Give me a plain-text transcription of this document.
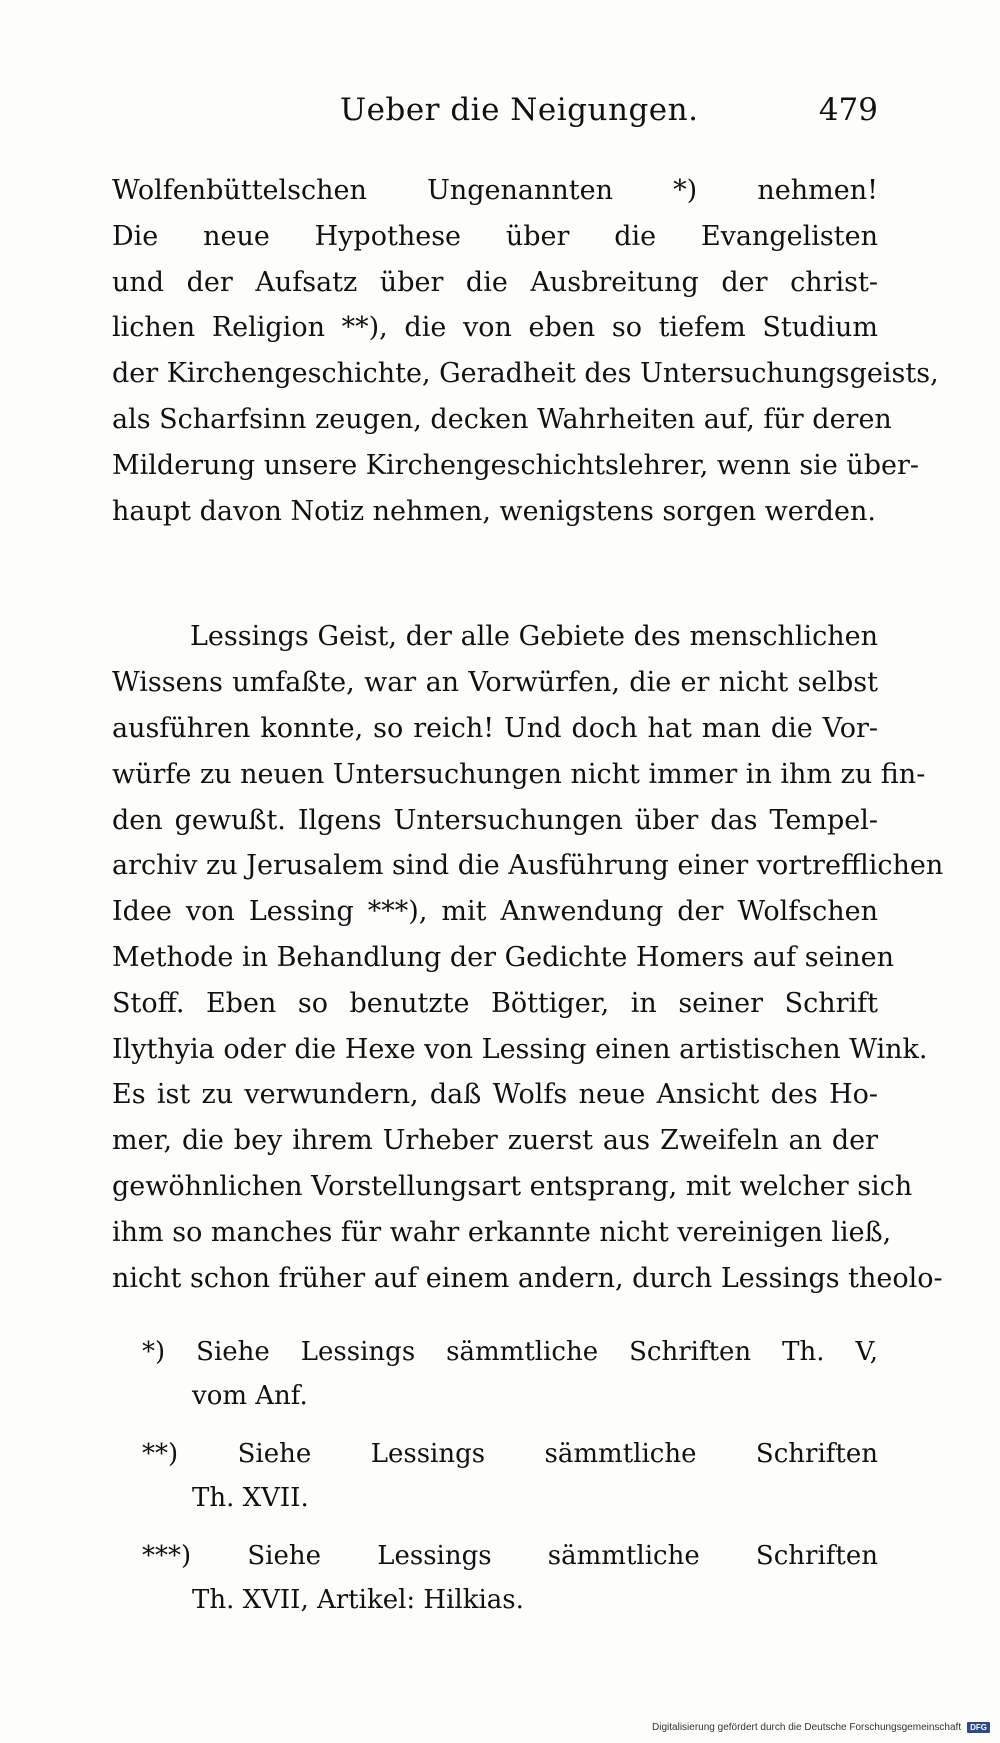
Ueber die Neigungen.	479
Wolfenbüttelschen Ungenannten *) nehmen!
Die neue Hypothese über die Evangelisten
und der Aufsatz über die Ausbreitung der christ-
lichen Religion **), die von eben so tiefem Studium
der Kirchengeschichte, Geradheit des Untersuchungsgeists,
als Scharfsinn zeugen, decken Wahrheiten auf, für deren
Milderung unsere Kirchengeschichtslehrer, wenn sie über-
haupt davon Notiz nehmen, wenigstens sorgen werden.
Lessings Geist, der alle Gebiete des menschlichen
Wissens umfaßte, war an Vorwürfen, die er nicht selbst
ausführen konnte, so reich! Und doch hat man die Vor-
würfe zu neuen Untersuchungen nicht immer in ihm zu fin-
den gewußt. Ilgens Untersuchungen über das Tempel-
archiv zu Jerusalem sind die Ausführung einer vortrefflichen
Idee von Lessing ***), mit Anwendung der Wolfschen
Methode in Behandlung der Gedichte Homers auf seinen
Stoff. Eben so benutzte Böttiger, in seiner Schrift
Ilythyia oder die Hexe von Lessing einen artistischen Wink.
Es ist zu verwundern, daß Wolfs neue Ansicht des Ho-
mer, die bey ihrem Urheber zuerst aus Zweifeln an der
gewöhnlichen Vorstellungsart entsprang, mit welcher sich
ihm so manches für wahr erkannte nicht vereinigen ließ,
nicht schon früher auf einem andern, durch Lessings theolo-
*) Siehe Lessings sämmtliche Schriften Th. V,
vom Anf.
**) Siehe Lessings sämmtliche Schriften
Th. XVII.
***) Siehe Lessings sämmtliche Schriften
Th. XVII, Artikel: Hilkias.
Digitalisierung gefördert durch die Deutsche Forschungsgemeinschaft	DFG
